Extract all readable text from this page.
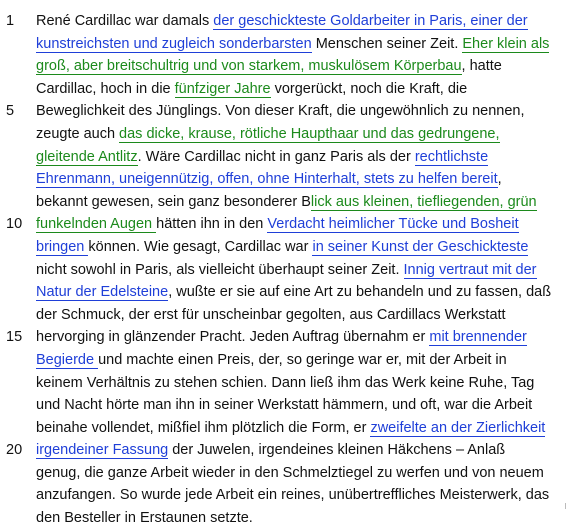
1	René Cardillac war damals der geschickteste Goldarbeiter in Paris, einer der
kunstreichsten und zugleich sonderbarsten Menschen seiner Zeit. Eher klein als
groß, aber breitschultrig und von starkem, muskulösem Körperbau, hatte
Cardillac, hoch in die fünfziger Jahre vorgerückt, noch die Kraft, die
5	Beweglichkeit des Jünglings. Von dieser Kraft, die ungewöhnlich zu nennen,
zeugte auch das dicke, krause, rötliche Haupthaar und das gedrungene,
gleitende Antlitz. Wäre Cardillac nicht in ganz Paris als der rechtlichste
Ehrenmann, uneigennützig, offen, ohne Hinterhalt, stets zu helfen bereit,
bekannt gewesen, sein ganz besonderer Blick aus kleinen, tiefliegenden, grün
10 funkelnden Augen hätten ihn in den Verdacht heimlicher Tücke und Bosheit
bringen können. Wie gesagt, Cardillac war in seiner Kunst der Geschickteste
nicht sowohl in Paris, als vielleicht überhaupt seiner Zeit. Innig vertraut mit der
Natur der Edelsteine, wußte er sie auf eine Art zu behandeln und zu fassen, daß
der Schmuck, der erst für unscheinbar gegolten, aus Cardillacs Werkstatt
15 hervorging in glänzender Pracht. Jeden Auftrag übernahm er mit brennender
Begierde und machte einen Preis, der, so geringe war er, mit der Arbeit in
keinem Verhältnis zu stehen schien. Dann ließ ihm das Werk keine Ruhe, Tag
und Nacht hörte man ihn in seiner Werkstatt hämmern, und oft, war die Arbeit
beinahe vollendet, mißfiel ihm plötzlich die Form, er zweifelte an der Zierlichkeit
20 irgendeiner Fassung der Juwelen, irgendeines kleinen Häkchens – Anlaß
genug, die ganze Arbeit wieder in den Schmelztiegel zu werfen und von neuem
anzufangen. So wurde jede Arbeit ein reines, unübertreffliches Meisterwerk, das
den Besteller in Erstaunen setzte.
